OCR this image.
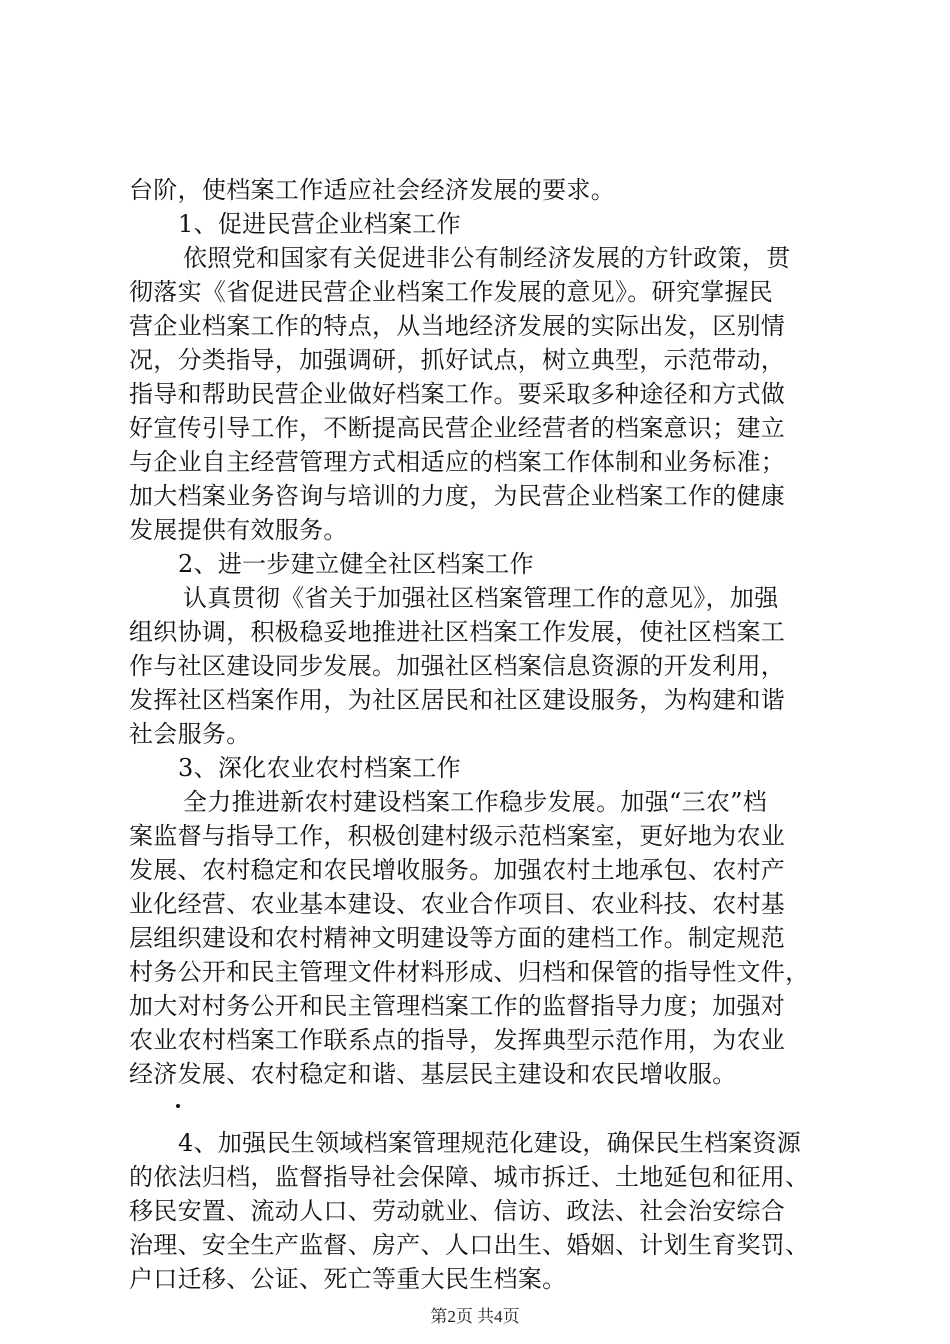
台阶，使档案工作适应社会经济发展的要求。
1、促进民营企业档案工作
依照党和国家有关促进非公有制经济发展的方针政策，贯
彻落实《省促进民营企业档案工作发展的意见》。研究掌握民
营企业档案工作的特点，从当地经济发展的实际出发，区别情
况，分类指导，加强调研，抓好试点，树立典型，示范带动，
指导和帮助民营企业做好档案工作。要采取多种途径和方式做
好宣传引导工作，不断提高民营企业经营者的档案意识；建立
与企业自主经营管理方式相适应的档案工作体制和业务标准；
加大档案业务咨询与培训的力度，为民营企业档案工作的健康
发展提供有效服务。
2、进一步建立健全社区档案工作
认真贯彻《省关于加强社区档案管理工作的意见》，加强
组织协调，积极稳妥地推进社区档案工作发展，使社区档案工
作与社区建设同步发展。加强社区档案信息资源的开发利用，
发挥社区档案作用，为社区居民和社区建设服务，为构建和谐
社会服务。
3、深化农业农村档案工作
全力推进新农村建设档案工作稳步发展。加强“三农”档
案监督与指导工作，积极创建村级示范档案室，更好地为农业
发展、农村稳定和农民增收服务。加强农村土地承包、农村产
业化经营、农业基本建设、农业合作项目、农业科技、农村基
层组织建设和农村精神文明建设等方面的建档工作。制定规范
村务公开和民主管理文件材料形成、归档和保管的指导性文件，
加大对村务公开和民主管理档案工作的监督指导力度；加强对
农业农村档案工作联系点的指导，发挥典型示范作用，为农业
经济发展、农村稳定和谐、基层民主建设和农民增收服。
4、加强民生领域档案管理规范化建设，确保民生档案资源
的依法归档，监督指导社会保障、城市拆迁、土地延包和征用、
移民安置、流动人口、劳动就业、信访、政法、社会治安综合
治理、安全生产监督、房产、人口出生、婚姻、计划生育奖罚、
户口迁移、公证、死亡等重大民生档案。
第2页 共4页
